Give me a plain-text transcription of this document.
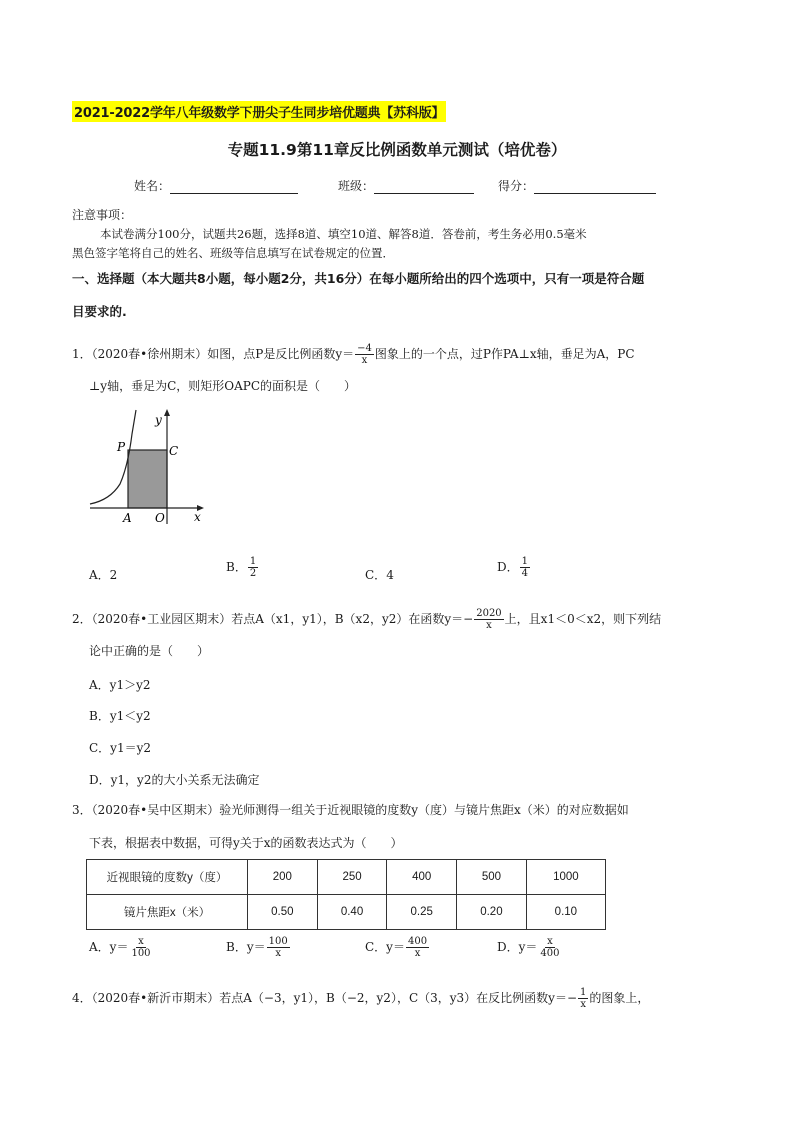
2021-2022学年八年级数学下册尖子生同步培优题典【苏科版】
专题11.9第11章反比例函数单元测试（培优卷）
姓名：	班级：	得分：
注意事项：
本试卷满分100分，试题共26题，选择8道、填空10道、解答8道．答卷前，考生务必用0.5毫米
黑色签字笔将自己的姓名、班级等信息填写在试卷规定的位置．
一、选择题（本大题共8小题，每小题2分，共16分）在每小题所给出的四个选项中，只有一项是符合题
目要求的.
1．（2020春•徐州期末）如图，点P是反比例函数$y= \frac{-4}{x}$ 图象上的一个点，过P作PA⊥x轴，垂足为A，PC
⊥y轴，垂足为C，则矩形OAPC的面积是（　　）
y
x
P	C
A O
A．2
B． $\frac{1}{2}$	C．4
D． $\frac{1}{4}$
2．（2020春•工业园区期末）若点A（x1，y1），B（x2，y2）在函数$y=- \frac{2020}{x}$ 上，且x1＜0＜x2，则下列结
论中正确的是（　　）
A．y1＞y2
B．y1＜y2
C．y1＝y2
D．y1，y2的大小关系无法确定
3．（2020春•吴中区期末）验光师测得一组关于近视眼镜的度数y（度）与镜片焦距x（米）的对应数据如
下表，根据表中数据，可得y关于x的函数表达式为（　　）
近视眼镜的度数y（度）	200	250	400	500	1000
镜片焦距x（米）	0.50	0.40	0.25	0.20	0.10
A．$y= \frac{x}{100}$	B．$y= \frac{100}{x}$	C．$y= \frac{400}{x}$	D．$y= \frac{x}{400}$
4．（2020春•新沂市期末）若点A（−3，y1），B（−2，y2），C（3，y3）在反比例函数$y=- \frac{1}{x}$ 的图象上，
